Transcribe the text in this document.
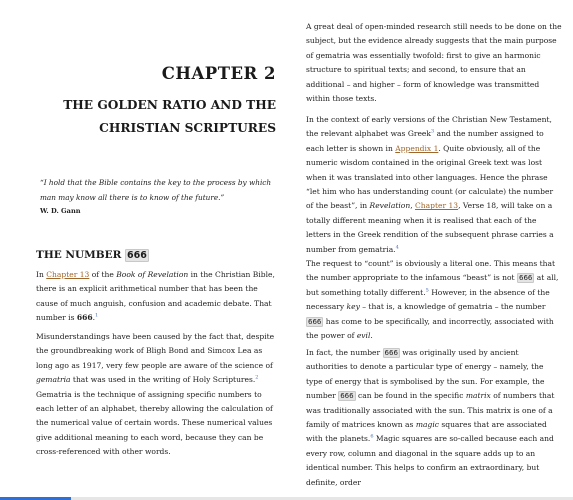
CHAPTER 2
THE GOLDEN RATIO AND THE
CHRISTIAN SCRIPTURES
“I hold that the Bible contains the key to the process by which man may know all there is to know of the future.”
W. D. Gann
THE NUMBER 666

In Chapter 13 of the Book of Revelation in the Christian Bible, there is an explicit arithmetical number that has been the cause of much anguish, confusion and academic debate. That number is 666.$^1$

Misunderstandings have been caused by the fact that, despite the groundbreaking work of Bligh Bond and Simcox Lea as long ago as 1917, very few people are aware of the science of gematria that was used in the writing of Holy Scriptures.$^2$ Gematria is the technique of assigning specific numbers to each letter of an alphabet, thereby allowing the calculation of the numerical value of certain words. These numerical values give additional meaning to each word, because they can be cross-referenced with other words.

A great deal of open-minded research still needs to be done on the subject, but the evidence already suggests that the main purpose of gematria was essentially twofold: first to give an harmonic structure to spiritual texts; and second, to ensure that an additional – and higher – form of knowledge was transmitted within those texts.

In the context of early versions of the Christian New Testament, the relevant alphabet was Greek$^3$ and the number assigned to each letter is shown in Appendix 1. Quite obviously, all of the numeric wisdom contained in the original Greek text was lost when it was translated into other languages. Hence the phrase “let him who has understanding count (or calculate) the number of the beast”, in Revelation, Chapter 13, Verse 18, will take on a totally different meaning when it is realised that each of the letters in the Greek rendition of the subsequent phrase carries a number from gematria.$^4$

The request to “count” is obviously a literal one. This means that the number appropriate to the infamous “beast” is not 666 at all, but something totally different.$^5$ However, in the absence of the necessary key – that is, a knowledge of gematria – the number 666 has come to be specifically, and incorrectly, associated with the power of evil.

In fact, the number 666 was originally used by ancient authorities to denote a particular type of energy – namely, the type of energy that is symbolised by the sun. For example, the number 666 can be found in the specific matrix of numbers that was traditionally associated with the sun. This matrix is one of a family of matrices known as magic squares that are associated with the planets.$^6$ Magic squares are so-called because each and every row, column and diagonal in the square adds up to an identical number. This helps to confirm an extraordinary, but definite, order
